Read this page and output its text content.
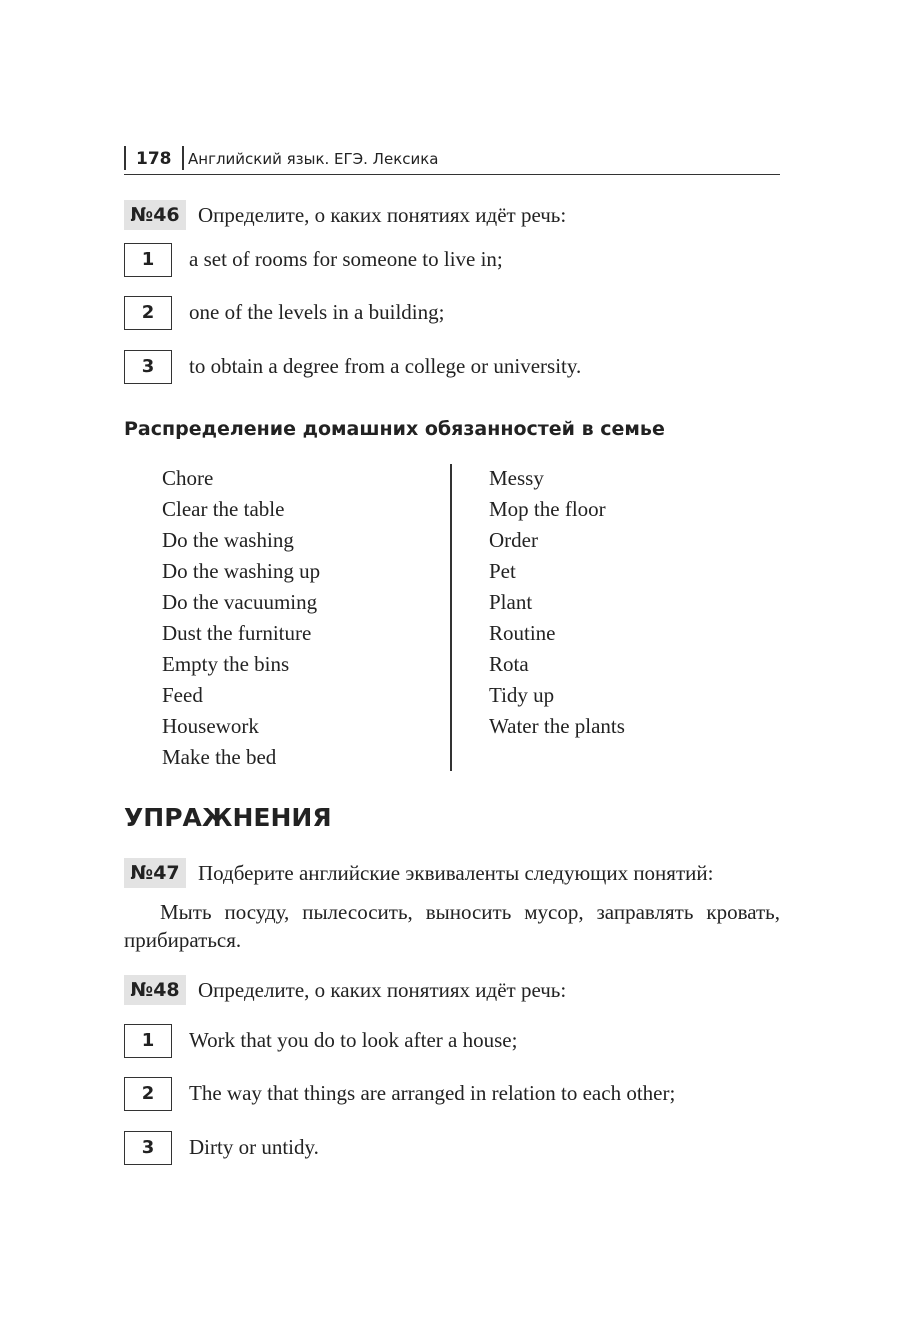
178	Английский язык. ЕГЭ. Лексика
№46 Определите, о каких понятиях идёт речь:
1	a set of rooms for someone to live in;
2	one of the levels in a building;
3	to obtain a degree from a college or university.
Распределение домашних обязанностей в семье
Chore
Clear the table
Do the washing
Do the washing up
Do the vacuuming
Dust the furniture
Empty the bins
Feed
Housework
Make the bed
Messy
Mop the floor
Order
Pet
Plant
Routine
Rota
Tidy up
Water the plants
УПРАЖНЕНИЯ
№47 Подберите английские эквиваленты следующих понятий:
Мыть посуду, пылесосить, выносить мусор, заправлять кровать, прибираться.
№48 Определите, о каких понятиях идёт речь:
1	Work that you do to look after a house;
2	The way that things are arranged in relation to each other;
3	Dirty or untidy.
